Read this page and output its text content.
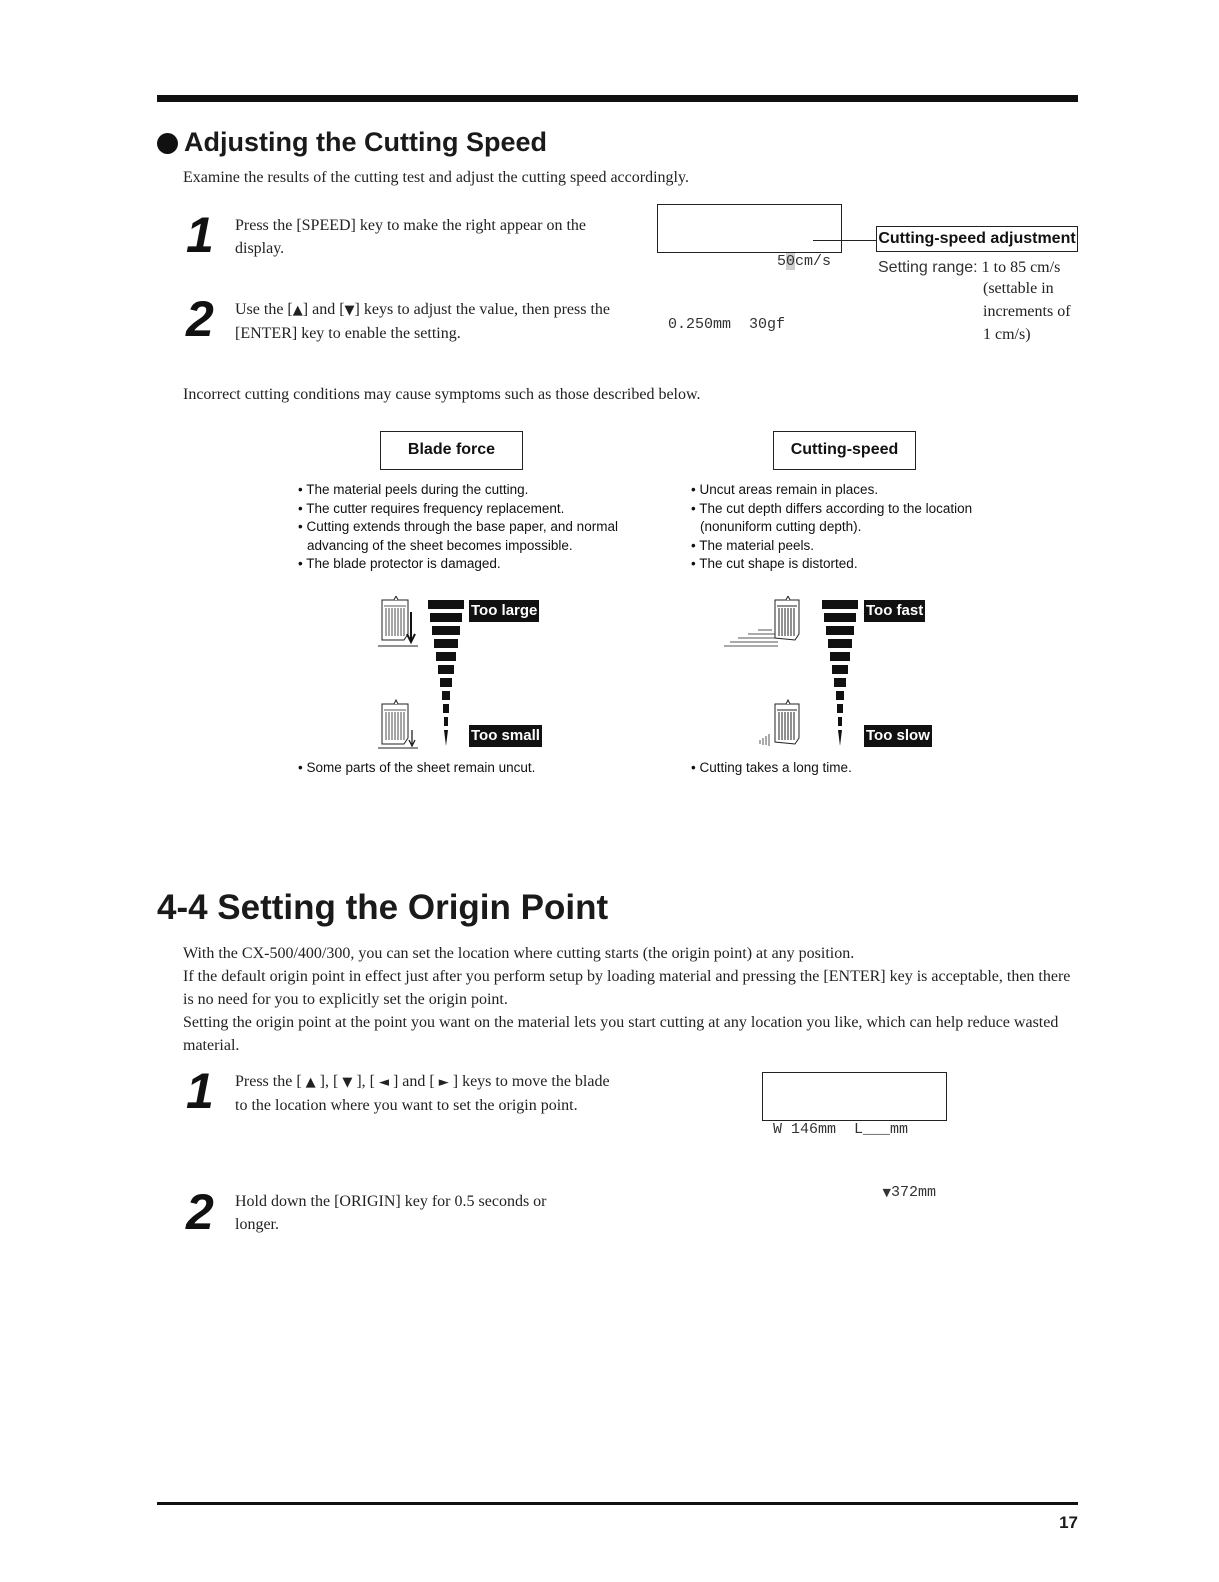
Adjusting the Cutting Speed
Examine the results of the cutting test and adjust the cutting speed accordingly.
1 Press the [SPEED] key to make the right appear on the display.
2 Use the [▲] and [▼] keys to adjust the value, then press the [ENTER] key to enable the setting.

50cm/s

0.250mm  30gf

Cutting-speed adjustment
Setting range: 1 to 85 cm/s
(settable in
increments of
1 cm/s)
Incorrect cutting conditions may cause symptoms such as those described below.
Blade force
• The material peels during the cutting.
• The cutter requires frequency replacement.
• Cutting extends through the base paper, and normal advancing of the sheet becomes impossible.
• The blade protector is damaged.
Too large
Too small
• Some parts of the sheet remain uncut.
Cutting-speed
• Uncut areas remain in places.
• The cut depth differs according to the location (nonuniform cutting depth).
• The material peels.
• The cut shape is distorted.
Too fast
Too slow
• Cutting takes a long time.
4-4 Setting the Origin Point
With the CX-500/400/300, you can set the location where cutting starts (the origin point) at any position.
If the default origin point in effect just after you perform setup by loading material and pressing the [ENTER] key is acceptable, then there is no need for you to explicitly set the origin point.
Setting the origin point at the point you want on the material lets you start cutting at any location you like, which can help reduce wasted material.
1 Press the [ ▲ ], [ ▼ ], [ ◄ ] and [ ► ] keys to move the blade to the location where you want to set the origin point.

W 146mm  L___mm

▼372mm

2 Hold down the [ORIGIN] key for 0.5 seconds or longer.
17
